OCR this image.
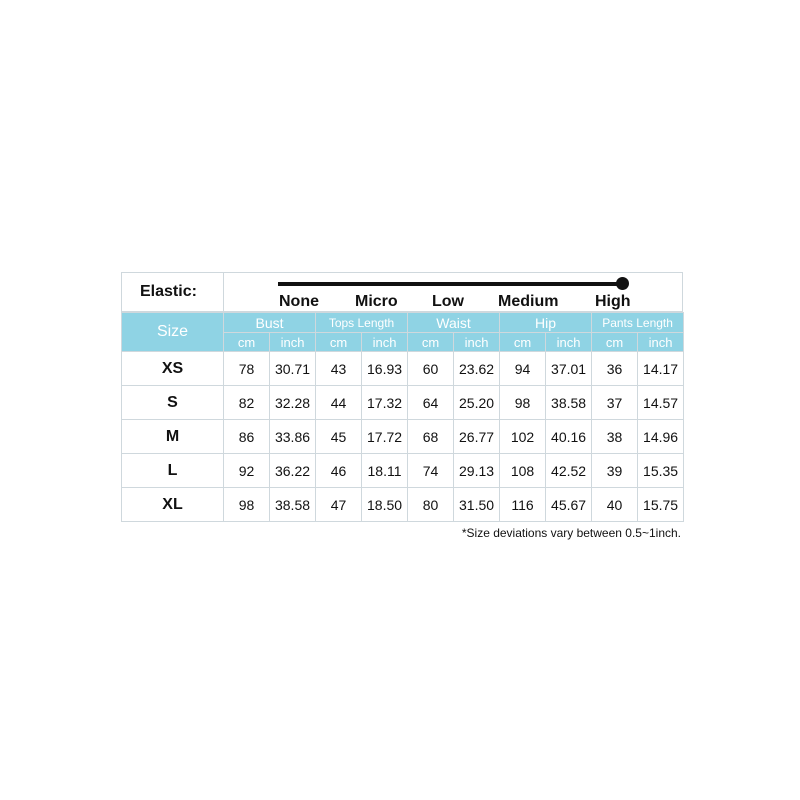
Elastic:
None Micro Low Medium High
Size	Bust		Tops Length		Waist		Hip		Pants Length	
	cm	inch	cm	inch	cm	inch	cm	inch	cm	inch
XS	78	30.71	43	16.93	60	23.62	94	37.01	36	14.17
S	82	32.28	44	17.32	64	25.20	98	38.58	37	14.57
M	86	33.86	45	17.72	68	26.77	102	40.16	38	14.96
L	92	36.22	46	18.11	74	29.13	108	42.52	39	15.35
XL	98	38.58	47	18.50	80	31.50	116	45.67	40	15.75
*Size deviations vary between 0.5~1inch.
